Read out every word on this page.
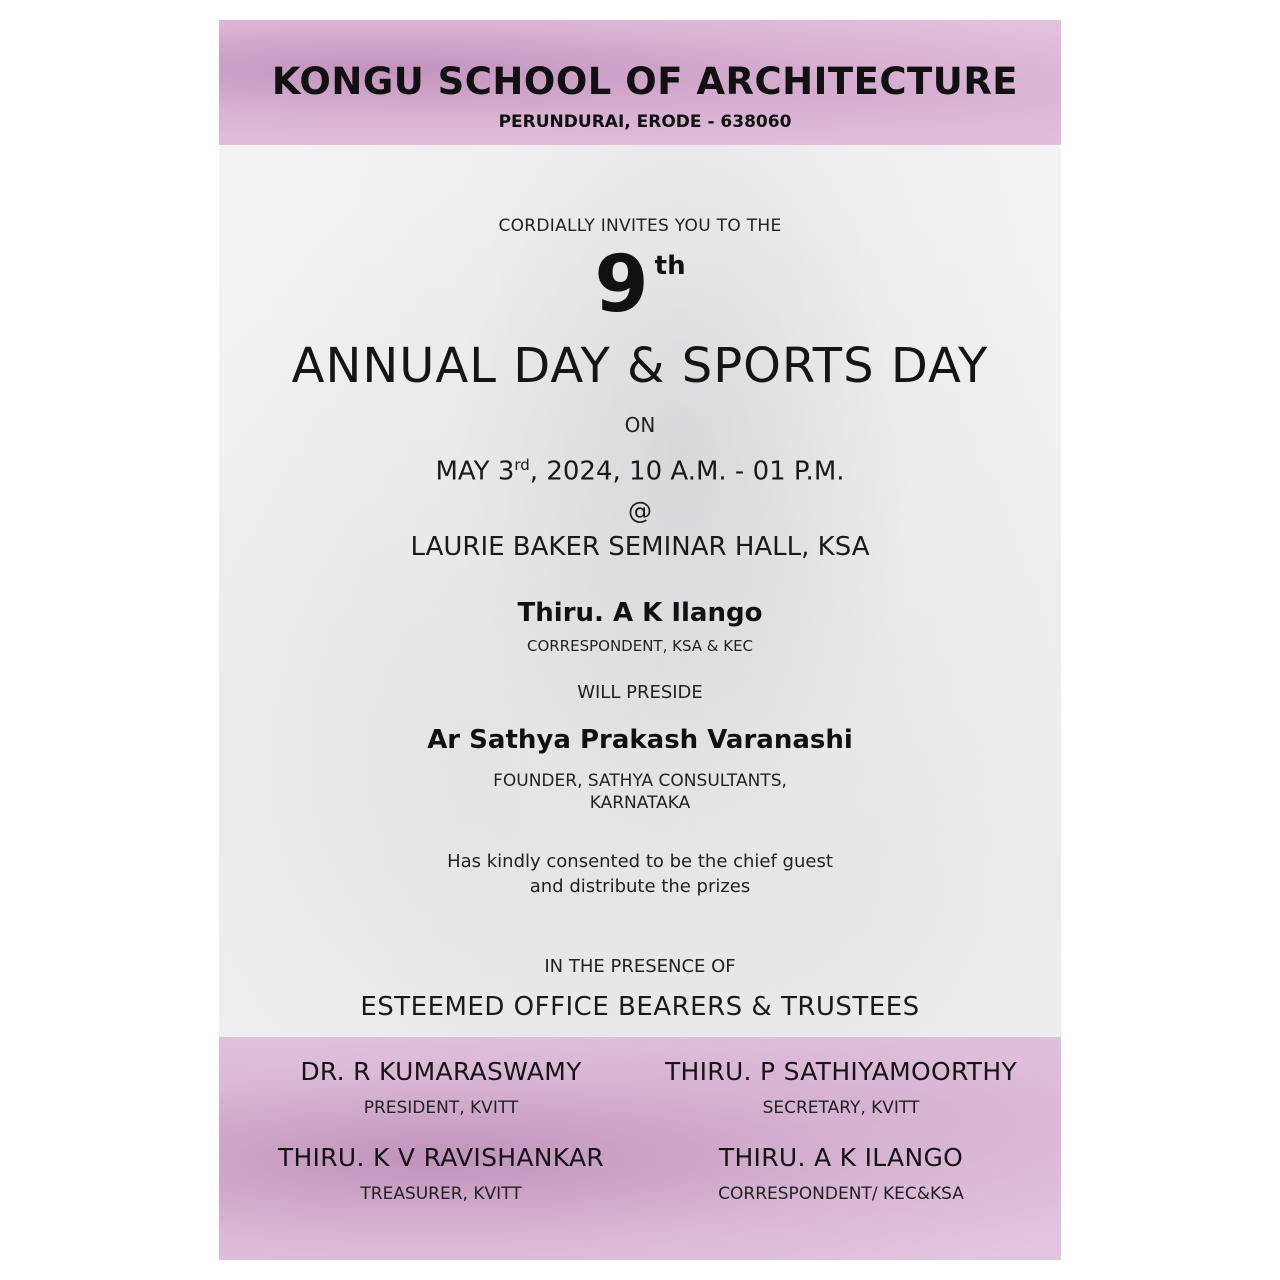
KONGU SCHOOL OF ARCHITECTURE
PERUNDURAI, ERODE - 638060
CORDIALLY INVITES YOU TO THE
9 th
ANNUAL DAY & SPORTS DAY
ON
MAY 3rd, 2024, 10 A.M. - 01 P.M.
@
LAURIE BAKER SEMINAR HALL, KSA
Thiru. A K Ilango
CORRESPONDENT, KSA & KEC
WILL PRESIDE
Ar Sathya Prakash Varanashi
FOUNDER, SATHYA CONSULTANTS,
KARNATAKA
Has kindly consented to be the chief guest
and distribute the prizes
IN THE PRESENCE OF
ESTEEMED OFFICE BEARERS & TRUSTEES
DR. R KUMARASWAMY
PRESIDENT, KVITT
THIRU. P SATHIYAMOORTHY
SECRETARY, KVITT
THIRU. K V RAVISHANKAR
TREASURER, KVITT
THIRU. A K ILANGO
CORRESPONDENT/ KEC&KSA
